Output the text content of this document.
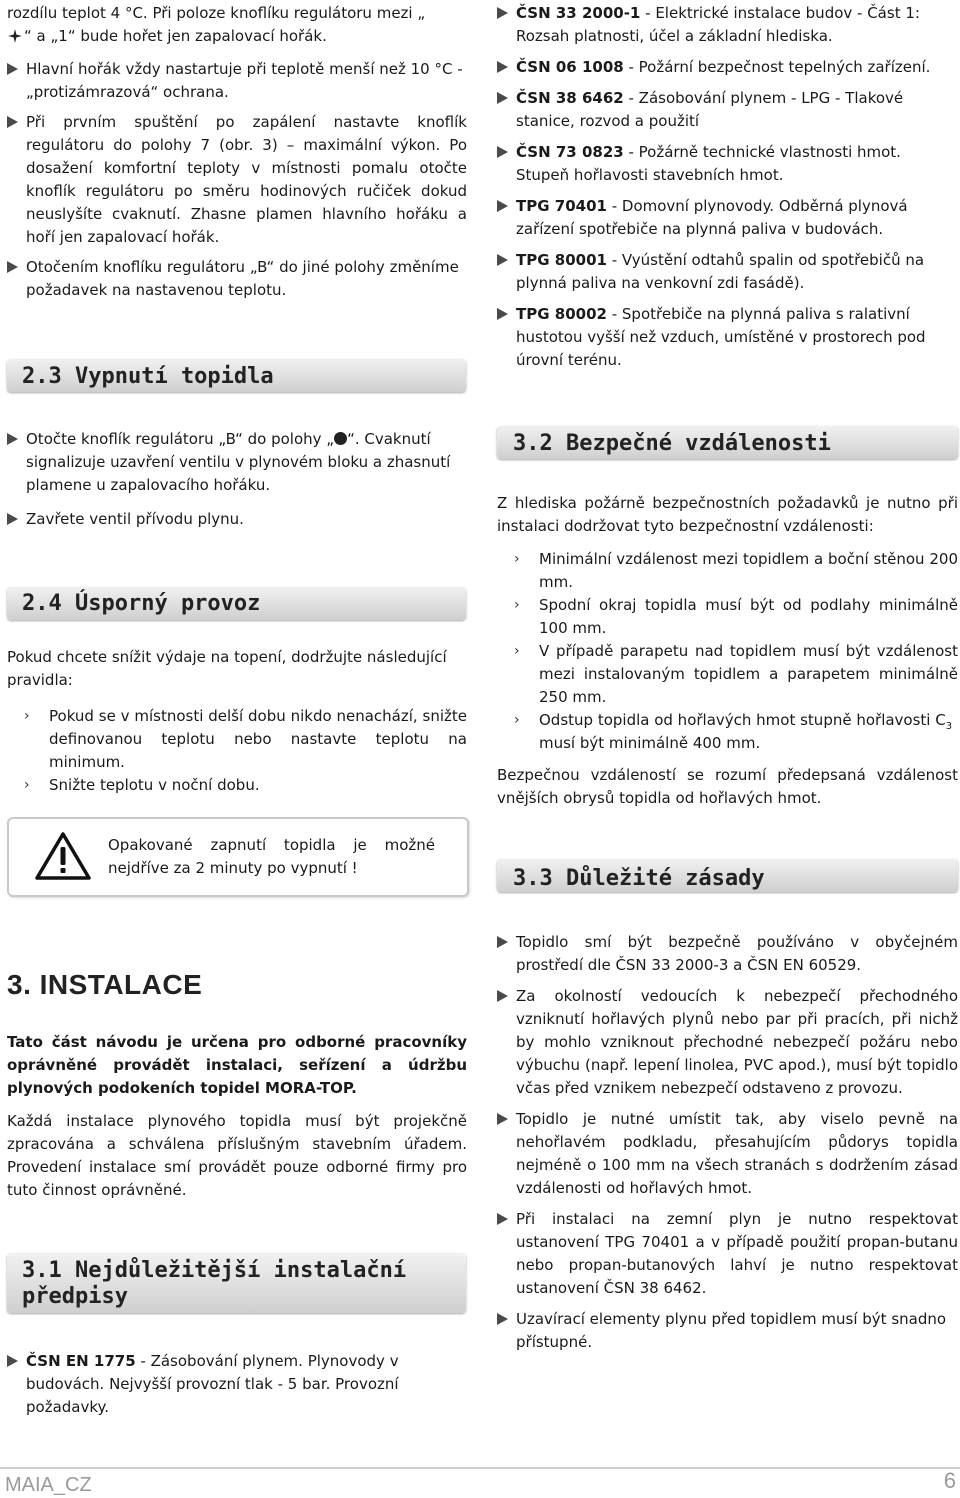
rozdílu teplot 4 °C. Při poloze knoflíku regulátoru mezi „

“ a „1“ bude hořet jen zapalovací hořák.

Hlavní hořák vždy nastartuje při teplotě menší než 10 °C - „protizámrazová“ ochrana.

Při prvním spuštění po zapálení nastavte knoflík regulátoru do polohy 7 (obr. 3) – maximální výkon. Po dosažení komfortní teploty v místnosti pomalu otočte knoflík regulátoru po směru hodinových ručiček dokud neuslyšíte cvaknutí. Zhasne plamen hlavního hořáku a hoří jen zapalovací hořák.

Otočením knoflíku regulátoru „B“ do jiné polohy změníme požadavek na nastavenou teplotu.

2.3 Vypnutí topidla

Otočte knoflík regulátoru „B“ do polohy „ “. Cvaknutí signalizuje uzavření ventilu v plynovém bloku a zhasnutí plamene u zapalovacího hořáku.

Zavřete ventil přívodu plynu.

2.4 Úsporný provoz

Pokud chcete snížit výdaje na topení, dodržujte následující pravidla:

› Pokud se v místnosti delší dobu nikdo nenachází, snižte definovanou teplotu nebo nastavte teplotu na minimum.

› Snižte teplotu v noční dobu.

Opakované zapnutí topidla je možné nejdříve za 2 minuty po vypnutí !

3. INSTALACE

Tato část návodu je určena pro odborné pracovníky oprávněné provádět instalaci, seřízení a údržbu plynových podokeních topidel MORA-TOP.

Každá instalace plynového topidla musí být projekčně zpracována a schválena příslušným stavebním úřadem. Provedení instalace smí provádět pouze odborné firmy pro tuto činnost oprávněné.

3.1 Nejdůležitější instalační předpisy

ČSN EN 1775 - Zásobování plynem. Plynovody v budovách. Nejvyšší provozní tlak - 5 bar. Provozní požadavky.

ČSN 33 2000-1 - Elektrické instalace budov - Část 1: Rozsah platnosti, účel a základní hlediska.

ČSN 06 1008 - Požární bezpečnost tepelných zařízení.

ČSN 38 6462 - Zásobování plynem - LPG - Tlakové stanice, rozvod a použití

ČSN 73 0823 - Požárně technické vlastnosti hmot. Stupeň hořlavosti stavebních hmot.

TPG 70401 - Domovní plynovody. Odběrná plynová zařízení spotřebiče na plynná paliva v budovách.

TPG 80001 - Vyústění odtahů spalin od spotřebičů na plynná paliva na venkovní zdi fasádě).

TPG 80002 - Spotřebiče na plynná paliva s ralativní hustotou vyšší než vzduch, umístěné v prostorech pod úrovní terénu.

3.2 Bezpečné vzdálenosti

Z hlediska požárně bezpečnostních požadavků je nutno při instalaci dodržovat tyto bezpečnostní vzdálenosti:

› Minimální vzdálenost mezi topidlem a boční stěnou 200 mm.

› Spodní okraj topidla musí být od podlahy minimálně 100 mm.

› V případě parapetu nad topidlem musí být vzdálenost mezi instalovaným topidlem a parapetem minimálně 250 mm.

› Odstup topidla od hořlavých hmot stupně hořlavosti $C_3$ musí být minimálně 400 mm.

Bezpečnou vzdáleností se rozumí předepsaná vzdálenost vnějších obrysů topidla od hořlavých hmot.

3.3 Důležité zásady

Topidlo smí být bezpečně používáno v obyčejném prostředí dle ČSN 33 2000-3 a ČSN EN 60529.

Za okolností vedoucích k nebezpečí přechodného vzniknutí hořlavých plynů nebo par při pracích, při nichž by mohlo vzniknout přechodné nebezpečí požáru nebo výbuchu (např. lepení linolea, PVC apod.), musí být topidlo včas před vznikem nebezpečí odstaveno z provozu.

Topidlo je nutné umístit tak, aby viselo pevně na nehořlavém podkladu, přesahujícím půdorys topidla nejméně o 100 mm na všech stranách s dodržením zásad vzdálenosti od hořlavých hmot.

Při instalaci na zemní plyn je nutno respektovat ustanovení TPG 70401 a v případě použití propan-butanu nebo propan-butanových lahví je nutno respektovat ustanovení ČSN 38 6462.

Uzavírací elementy plynu před topidlem musí být snadno přístupné.

MAIA_CZ	6
